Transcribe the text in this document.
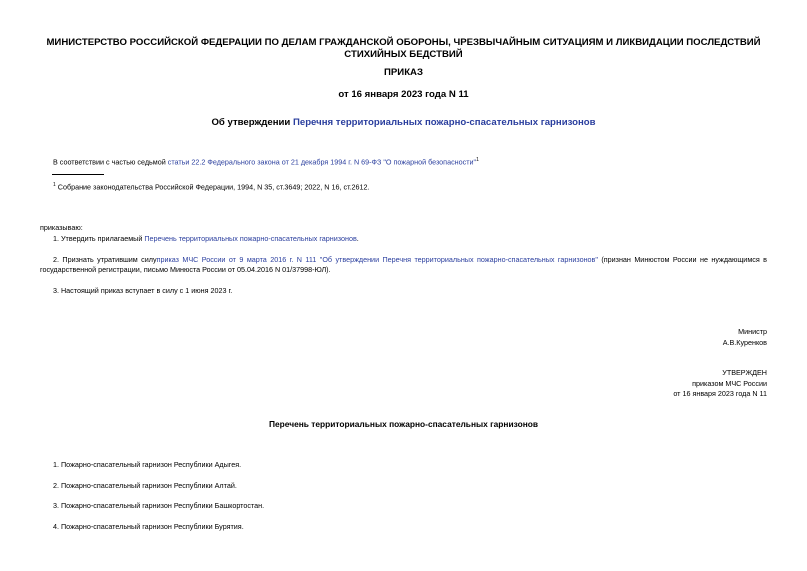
МИНИСТЕРСТВО РОССИЙСКОЙ ФЕДЕРАЦИИ ПО ДЕЛАМ ГРАЖДАНСКОЙ ОБОРОНЫ, ЧРЕЗВЫЧАЙНЫМ СИТУАЦИЯМ И ЛИКВИДАЦИИ ПОСЛЕДСТВИЙ СТИХИЙНЫХ БЕДСТВИЙ
ПРИКАЗ
от 16 января 2023 года N 11
Об утверждении Перечня территориальных пожарно-спасательных гарнизонов
В соответствии с частью седьмой статьи 22.2 Федерального закона от 21 декабря 1994 г. N 69-ФЗ "О пожарной безопасности"$^1$
$^1$ Собрание законодательства Российской Федерации, 1994, N 35, ст.3649; 2022, N 16, ст.2612.
приказываю:
1. Утвердить прилагаемый Перечень территориальных пожарно-спасательных гарнизонов.
2. Признать утратившим силуприказ МЧС России от 9 марта 2016 г. N 111 "Об утверждении Перечня территориальных пожарно-спасательных гарнизонов" (признан Минюстом России не нуждающимся в государственной регистрации, письмо Минюста России от 05.04.2016 N 01/37998-ЮЛ).
3. Настоящий приказ вступает в силу с 1 июня 2023 г.
Министр
А.В.Куренков
УТВЕРЖДЕН
приказом МЧС России
от 16 января 2023 года N 11
Перечень территориальных пожарно-спасательных гарнизонов
1. Пожарно-спасательный гарнизон Республики Адыгея.
2. Пожарно-спасательный гарнизон Республики Алтай.
3. Пожарно-спасательный гарнизон Республики Башкортостан.
4. Пожарно-спасательный гарнизон Республики Бурятия.
